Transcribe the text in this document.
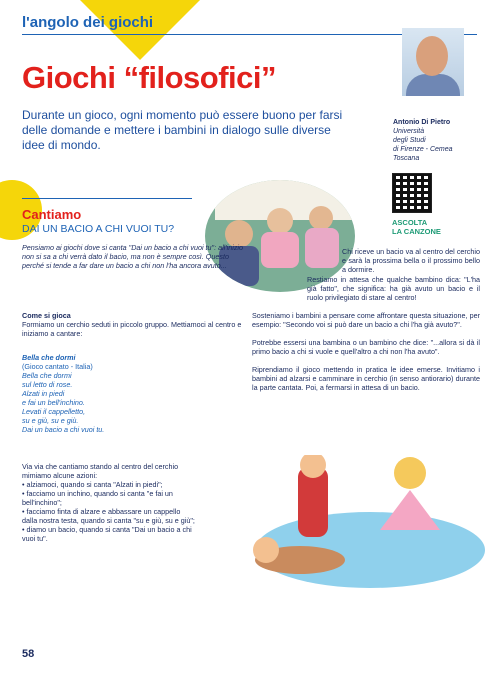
l'angolo dei giochi
Giochi “filosofici”
Durante un gioco, ogni momento può essere buono per farsi delle domande e mettere i bambini in dialogo sulle diverse idee di mondo.
Antonio Di Pietro
Università
degli Studi
di Firenze - Cemea
Toscana
ASCOLTA
LA CANZONE
Cantiamo
DAI UN BACIO A CHI VUOI TU?
Pensiamo ai giochi dove si canta "Dai un bacio a chi vuoi tu": all'inizio non si sa a chi verrà dato il bacio, ma non è sempre così. Questo perché si tende a far dare un bacio a chi non l'ha ancora avuto...
Come si gioca
Formiamo un cerchio seduti in piccolo gruppo. Mettiamoci al centro e iniziamo a cantare:
Bella che dormi
(Gioco cantato - Italia)
Bella che dormi
sul letto di rose.
Alzati in piedi
e fai un bell'inchino.
Levati il cappelletto,
su e giù, su e giù.
Dai un bacio a chi vuoi tu.

Via via che cantiamo stando al centro del cerchio mimiamo alcune azioni:

• alziamoci, quando si canta "Alzati in piedi";

• facciamo un inchino, quando si canta "e fai un bell'inchino";

• facciamo finta di alzare e abbassare un cappello dalla nostra testa, quando si canta "su e giù, su e giù";

• diamo un bacio, quando si canta "Dai un bacio a chi vuoi tu".

Chi riceve un bacio va al centro del cerchio e sarà la prossima bella o il prossimo bello a dormire.
Restiamo in attesa che qualche bambino dica: "L'ha già fatto", che significa: ha già avuto un bacio e il ruolo privilegiato di stare al centro!
Sosteniamo i bambini a pensare come affrontare questa situazione, per esempio: "Secondo voi si può dare un bacio a chi l'ha già avuto?".
Potrebbe essersi una bambina o un bambino che dice: "...allora si dà il primo bacio a chi si vuole e quell'altro a chi non l'ha avuto".
Riprendiamo il gioco mettendo in pratica le idee emerse. Invitiamo i bambini ad alzarsi e camminare in cerchio (in senso antiorario) durante la parte cantata. Poi, a fermarsi in attesa di un bacio.
58
